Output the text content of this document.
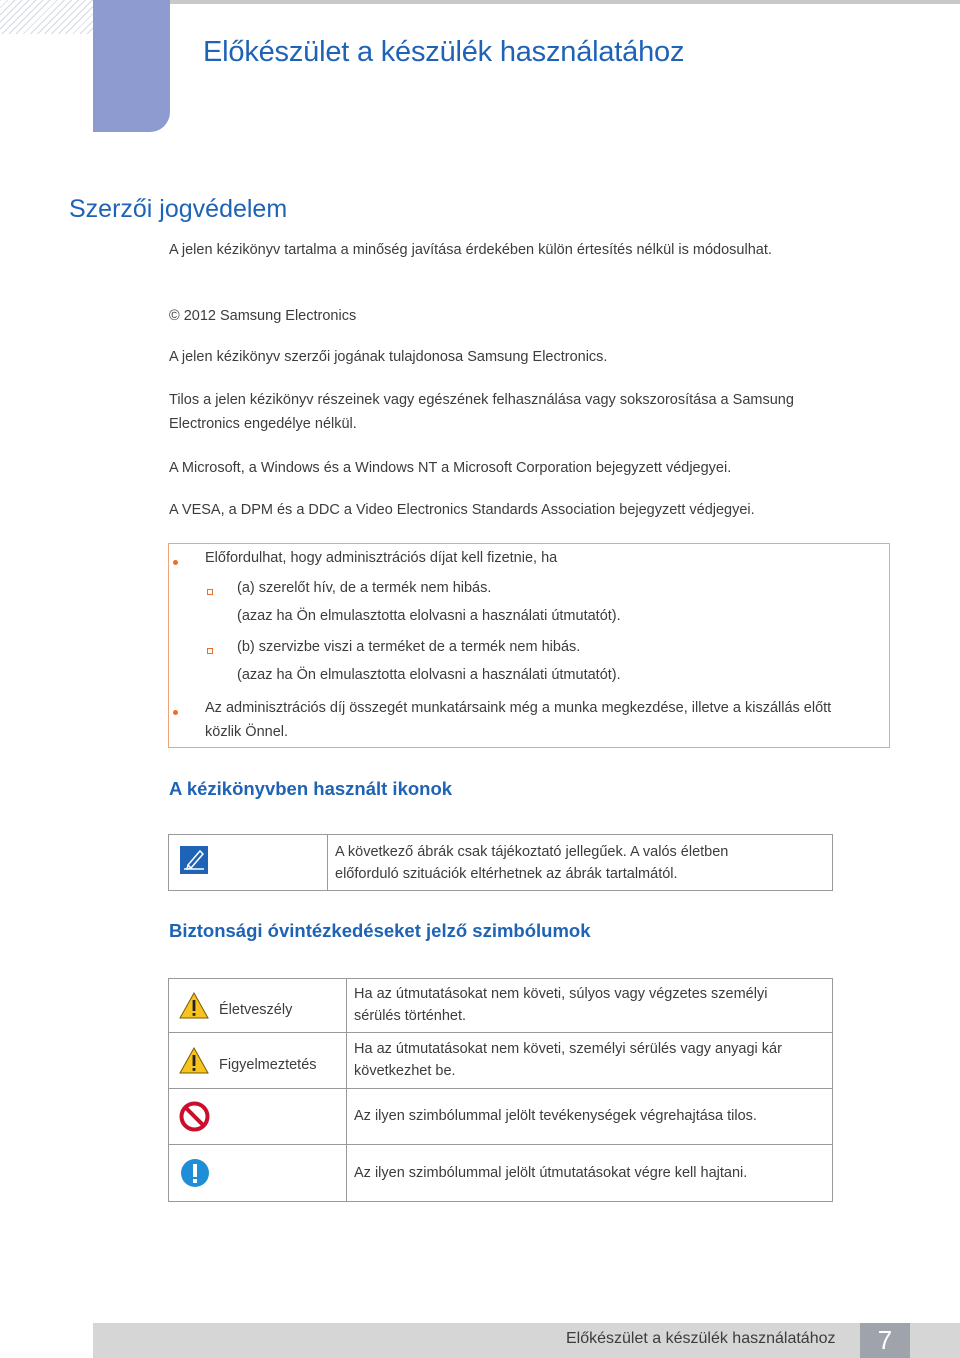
Előkészület a készülék használatához
Szerzői jogvédelem

A jelen kézikönyv tartalma a minőség javítása érdekében külön értesítés nélkül is módosulhat.

© 2012 Samsung Electronics

A jelen kézikönyv szerzői jogának tulajdonosa Samsung Electronics.

Tilos a jelen kézikönyv részeinek vagy egészének felhasználása vagy sokszorosítása a Samsung

Electronics engedélye nélkül.

A Microsoft, a Windows és a Windows NT a Microsoft Corporation bejegyzett védjegyei.

A VESA, a DPM és a DDC a Video Electronics Standards Association bejegyzett védjegyei.

Előfordulhat, hogy adminisztrációs díjat kell fizetnie, ha

(a) szerelőt hív, de a termék nem hibás.

(azaz ha Ön elmulasztotta elolvasni a használati útmutatót).

(b) szervizbe viszi a terméket de a termék nem hibás.

(azaz ha Ön elmulasztotta elolvasni a használati útmutatót).

Az adminisztrációs díj összegét munkatársaink még a munka megkezdése, illetve a kiszállás előtt

közlik Önnel.

A kézikönyvben használt ikonok

A következő ábrák csak tájékoztató jellegűek. A valós életben

előforduló szituációk eltérhetnek az ábrák tartalmától.

Biztonsági óvintézkedéseket jelző szimbólumok

Életveszély

Ha az útmutatásokat nem követi, súlyos vagy végzetes személyi

sérülés történhet.

Figyelmeztetés

Ha az útmutatásokat nem követi, személyi sérülés vagy anyagi kár

következhet be.

Az ilyen szimbólummal jelölt tevékenységek végrehajtása tilos.

Az ilyen szimbólummal jelölt útmutatásokat végre kell hajtani.

Előkészület a készülék használatához	7
